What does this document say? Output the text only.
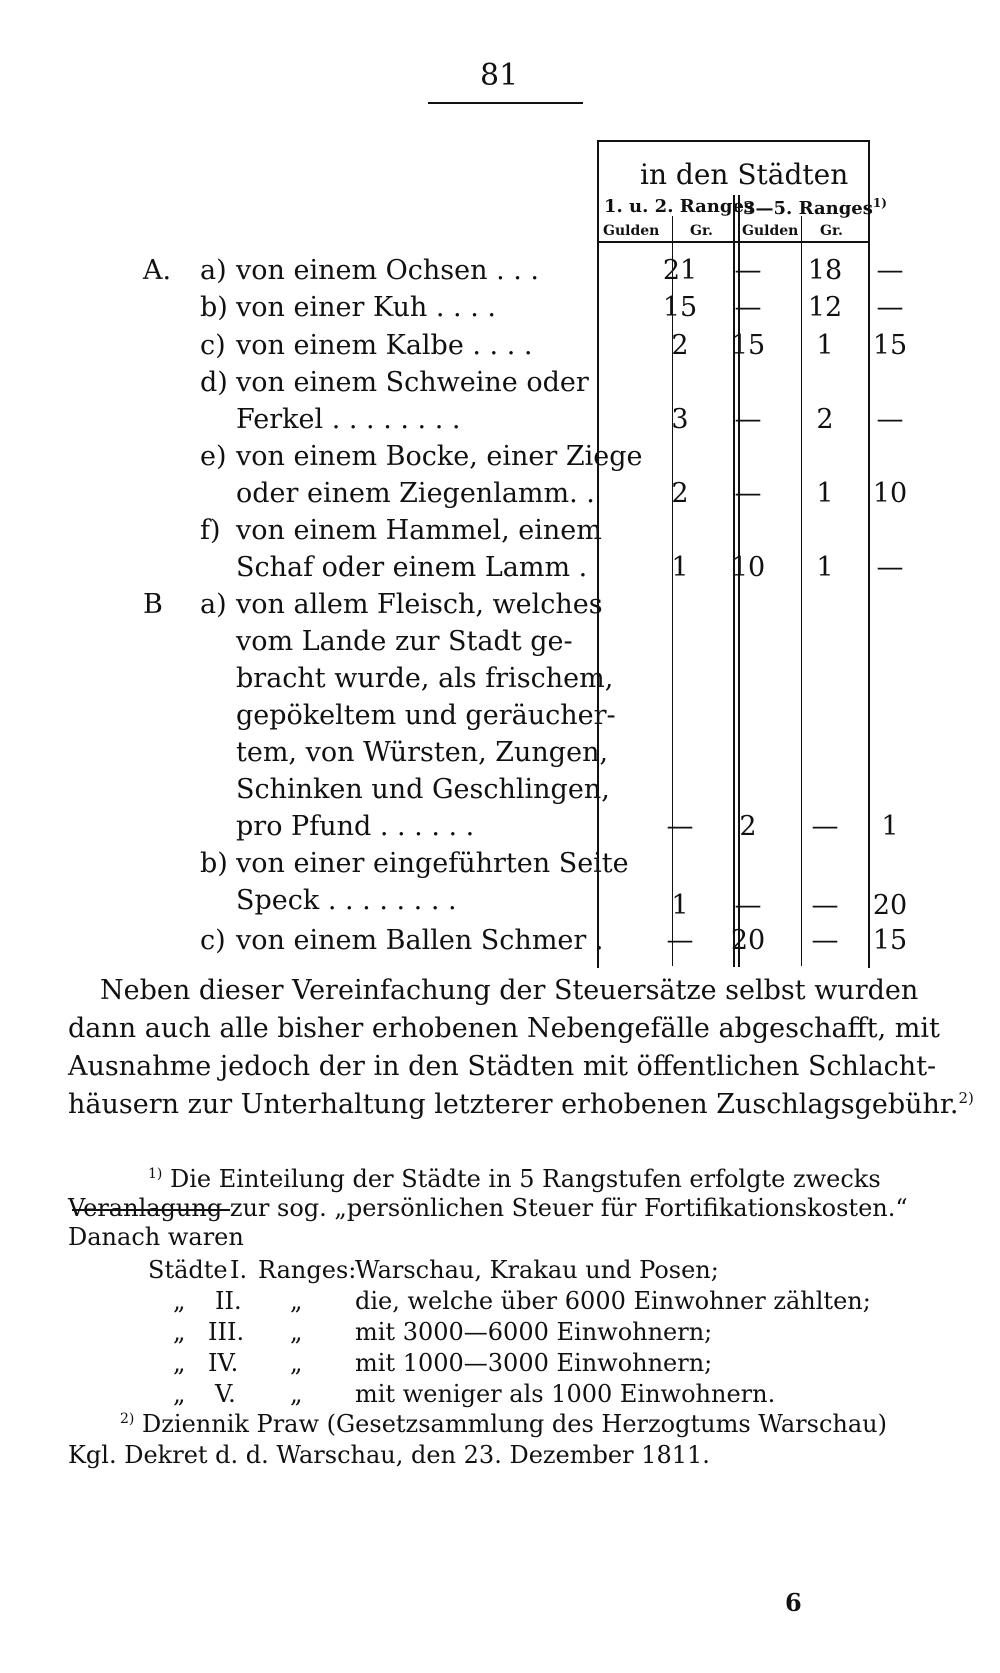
81
in den Städten
1. u. 2. Ranges
3—5. Ranges$^{1)}$
Gulden Gr. Gulden Gr.
A. a) von einem Ochsen . . .	21	—	18	—
b) von einer Kuh . . . .	15	—	12	—
c) von einem Kalbe . . . .	2	15	1	15
d) von einem Schweine oder
Ferkel . . . . . . . .	3	—	2	—
e) von einem Bocke, einer Ziege
oder einem Ziegenlamm. .	2	—	1	10
f) von einem Hammel, einem
Schaf oder einem Lamm .	1	10	1	—
B a) von allem Fleisch, welches
vom Lande zur Stadt ge-
bracht wurde, als frischem,
gepökeltem und geräucher-
tem, von Würsten, Zungen,
Schinken und Geschlingen,
pro Pfund . . . . . .	—	2	—	1
b) von einer eingeführten Seite
Speck . . . . . . . .	1	—	—	20
c) von einem Ballen Schmer .	—	20	—	15
Neben dieser Vereinfachung der Steuersätze selbst wurden
dann auch alle bisher erhobenen Nebengefälle abgeschafft, mit
Ausnahme jedoch der in den Städten mit öffentlichen Schlacht-
häusern zur Unterhaltung letzterer erhobenen Zuschlagsgebühr.$^{2)}$
$^{1)}$ Die Einteilung der Städte in 5 Rangstufen erfolgte zwecks
Veranlagung zur sog. „persönlichen Steuer für Fortifikationskosten.“
Danach waren
Städte I. Ranges:
Warschau, Krakau und Posen;
„ II. „ die, welche über 6000 Einwohner zählten;
„ III. „ mit 3000—6000 Einwohnern;
„ IV. „ mit 1000—3000 Einwohnern;
„ V. „ mit weniger als 1000 Einwohnern.
$^{2)}$ Dziennik Praw (Gesetzsammlung des Herzogtums Warschau)
Kgl. Dekret d. d. Warschau, den 23. Dezember 1811.
6
